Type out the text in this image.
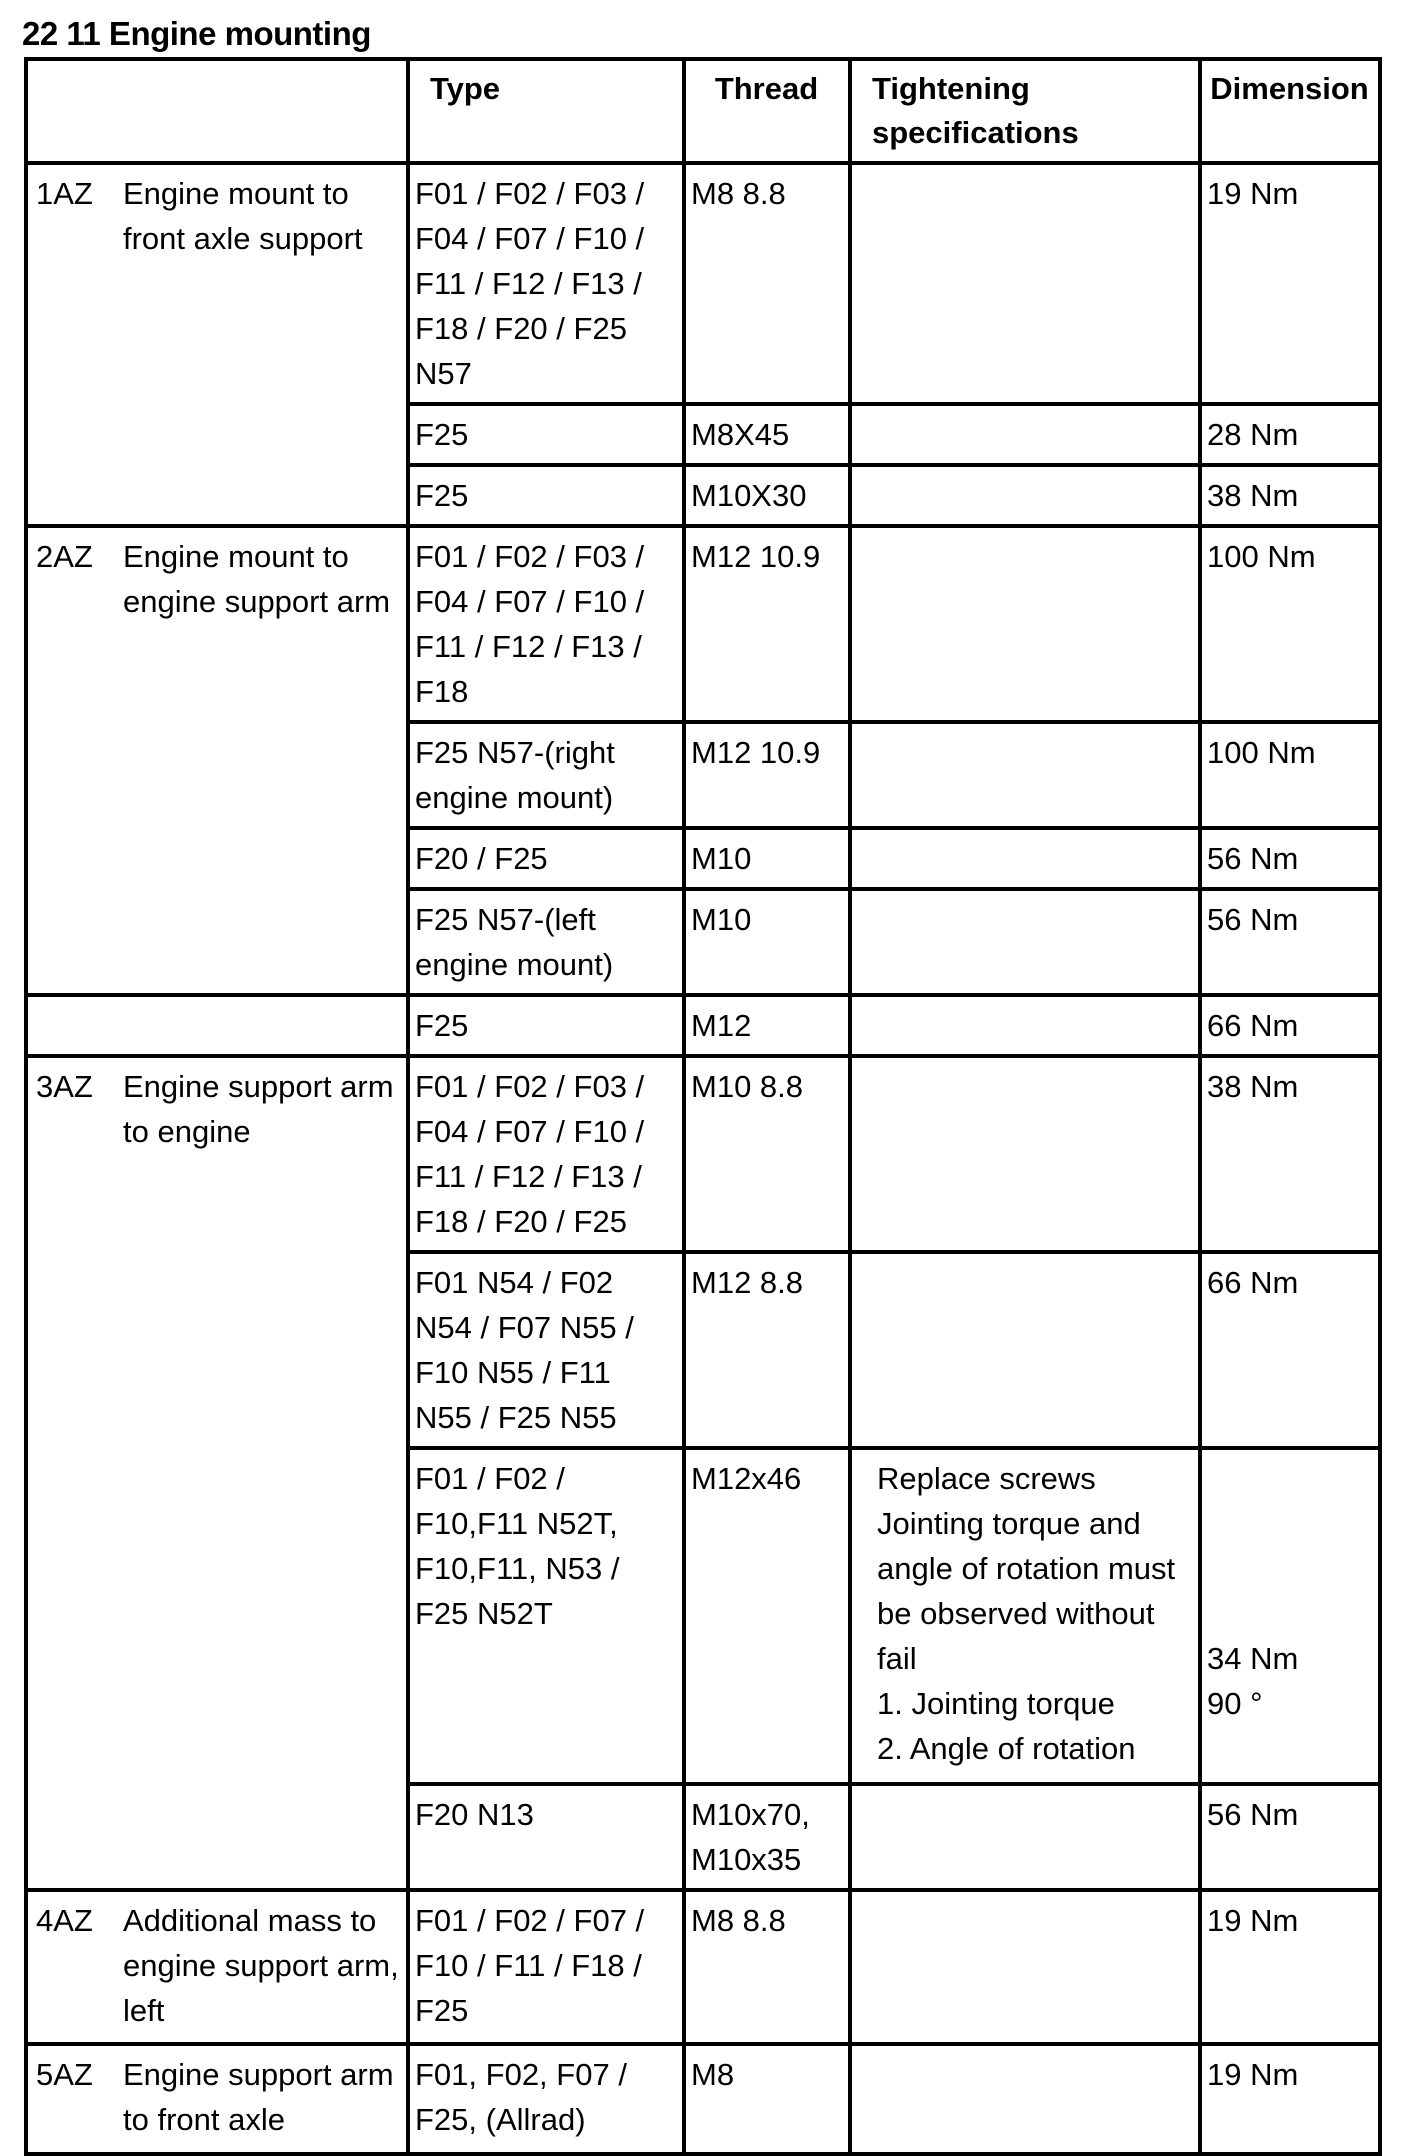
22 11 Engine mounting
	Type	Thread	Tightening specifications	Dimension

1AZ Engine mount to front axle support	F01 / F02 / F03 /
F04 / F07 / F10 /
F11 / F12 / F13 /
F18 / F20 / F25
N57	M8 8.8		19 Nm
	F25	M8X45		28 Nm
	F25	M10X30		38 Nm

2AZ Engine mount to engine support arm	F01 / F02 / F03 /
F04 / F07 / F10 /
F11 / F12 / F13 /
F18	M12 10.9		100 Nm
	F25 N57-(right
engine mount)	M12 10.9		100 Nm
	F20 / F25	M10		56 Nm
	F25 N57-(left
engine mount)	M10		56 Nm

	F25	M12		66 Nm

3AZ Engine support arm to engine	F01 / F02 / F03 /
F04 / F07 / F10 /
F11 / F12 / F13 /
F18 / F20 / F25	M10 8.8		38 Nm
	F01 N54 / F02
N54 / F07 N55 /
F10 N55 / F11
N55 / F25 N55	M12 8.8		66 Nm
	F01 / F02 /
F10,F11 N52T,
F10,F11, N53 /
F25 N52T	M12x46	Replace screws Jointing torque and angle of rotation must be observed without fail
1. Jointing torque
2. Angle of rotation	34 Nm
90 °

	F20 N13	M10x70,
M10x35		56 Nm

4AZ Additional mass to engine support arm, left	F01 / F02 / F07 /
F10 / F11 / F18 /
F25	M8 8.8		19 Nm

5AZ Engine support arm to front axle	F01, F02, F07 /
F25, (Allrad)	M8		19 Nm
